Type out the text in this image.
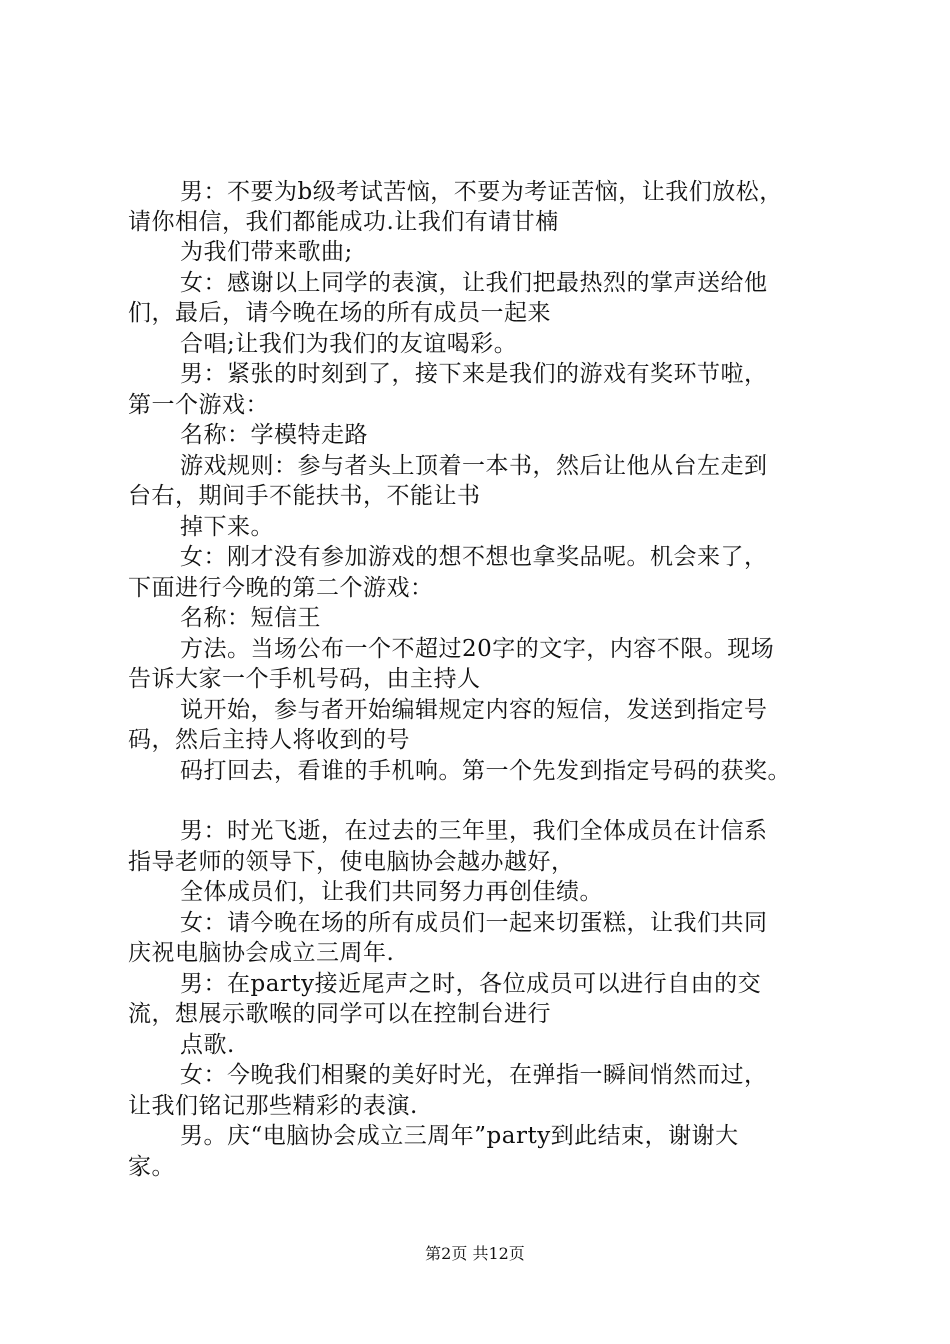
男：不要为b级考试苦恼，不要为考证苦恼，让我们放松，
请你相信，我们都能成功.让我们有请甘楠
为我们带来歌曲;
女：感谢以上同学的表演，让我们把最热烈的掌声送给他
们，最后，请今晚在场的所有成员一起来
合唱;让我们为我们的友谊喝彩。
男：紧张的时刻到了，接下来是我们的游戏有奖环节啦，
第一个游戏：
名称：学模特走路
游戏规则：参与者头上顶着一本书，然后让他从台左走到
台右，期间手不能扶书，不能让书
掉下来。
女：刚才没有参加游戏的想不想也拿奖品呢。机会来了，
下面进行今晚的第二个游戏：
名称：短信王
方法。当场公布一个不超过20字的文字，内容不限。现场
告诉大家一个手机号码，由主持人
说开始，参与者开始编辑规定内容的短信，发送到指定号
码，然后主持人将收到的号
码打回去，看谁的手机响。第一个先发到指定号码的获奖。
男：时光飞逝，在过去的三年里，我们全体成员在计信系
指导老师的领导下，使电脑协会越办越好，
全体成员们，让我们共同努力再创佳绩。
女：请今晚在场的所有成员们一起来切蛋糕，让我们共同
庆祝电脑协会成立三周年.
男：在party接近尾声之时，各位成员可以进行自由的交
流，想展示歌喉的同学可以在控制台进行
点歌.
女：今晚我们相聚的美好时光，在弹指一瞬间悄然而过，
让我们铭记那些精彩的表演.
男。庆“电脑协会成立三周年”party到此结束，谢谢大
家。
第2页 共12页
